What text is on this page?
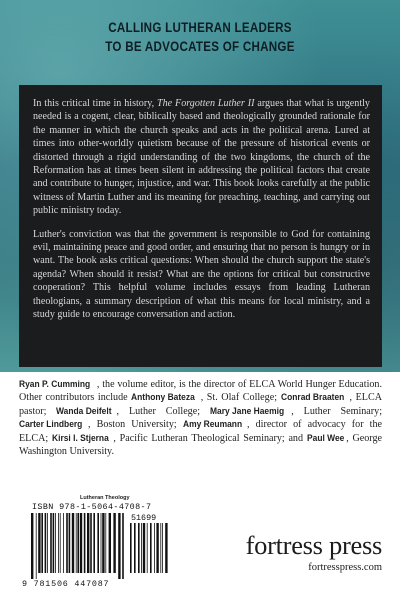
CALLING LUTHERAN LEADERS
TO BE ADVOCATES OF CHANGE

In this critical time in history, The Forgotten Luther II argues that what is urgently needed is a cogent, clear, biblically based and theologically grounded rationale for the manner in which the church speaks and acts in the political arena. Lured at times into other-worldly quietism because of the pressure of historical events or distorted through a rigid understanding of the two kingdoms, the church of the Reformation has at times been silent in addressing the political factors that create and contribute to hunger, injustice, and war. This book looks carefully at the public witness of Martin Luther and its meaning for preaching, teaching, and carrying out public ministry today.

Luther's conviction was that the government is responsible to God for containing evil, maintaining peace and good order, and ensuring that no person is hungry or in want. The book asks critical questions: When should the church support the state's agenda? When should it resist? What are the options for critical but constructive cooperation? This helpful volume includes essays from leading Lutheran theologians, a summary description of what this means for local ministry, and a study guide to encourage conversation and action.

Ryan P. Cumming , the volume editor, is the director of ELCA World Hunger Education. Other contributors include Anthony Bateza , St. Olaf College; Conrad Braaten , ELCA pastor; Wanda Deifelt , Luther College; Mary Jane Haemig , Luther Seminary; Carter Lindberg , Boston University; Amy Reumann , director of advocacy for the ELCA; Kirsi I. Stjerna , Pacific Lutheran Theological Seminary; and Paul Wee , George Washington University.
Lutheran Theology
ISBN 978-1-5064-4708-7
51699
9 781506 447087
fortress press
fortresspress.com
